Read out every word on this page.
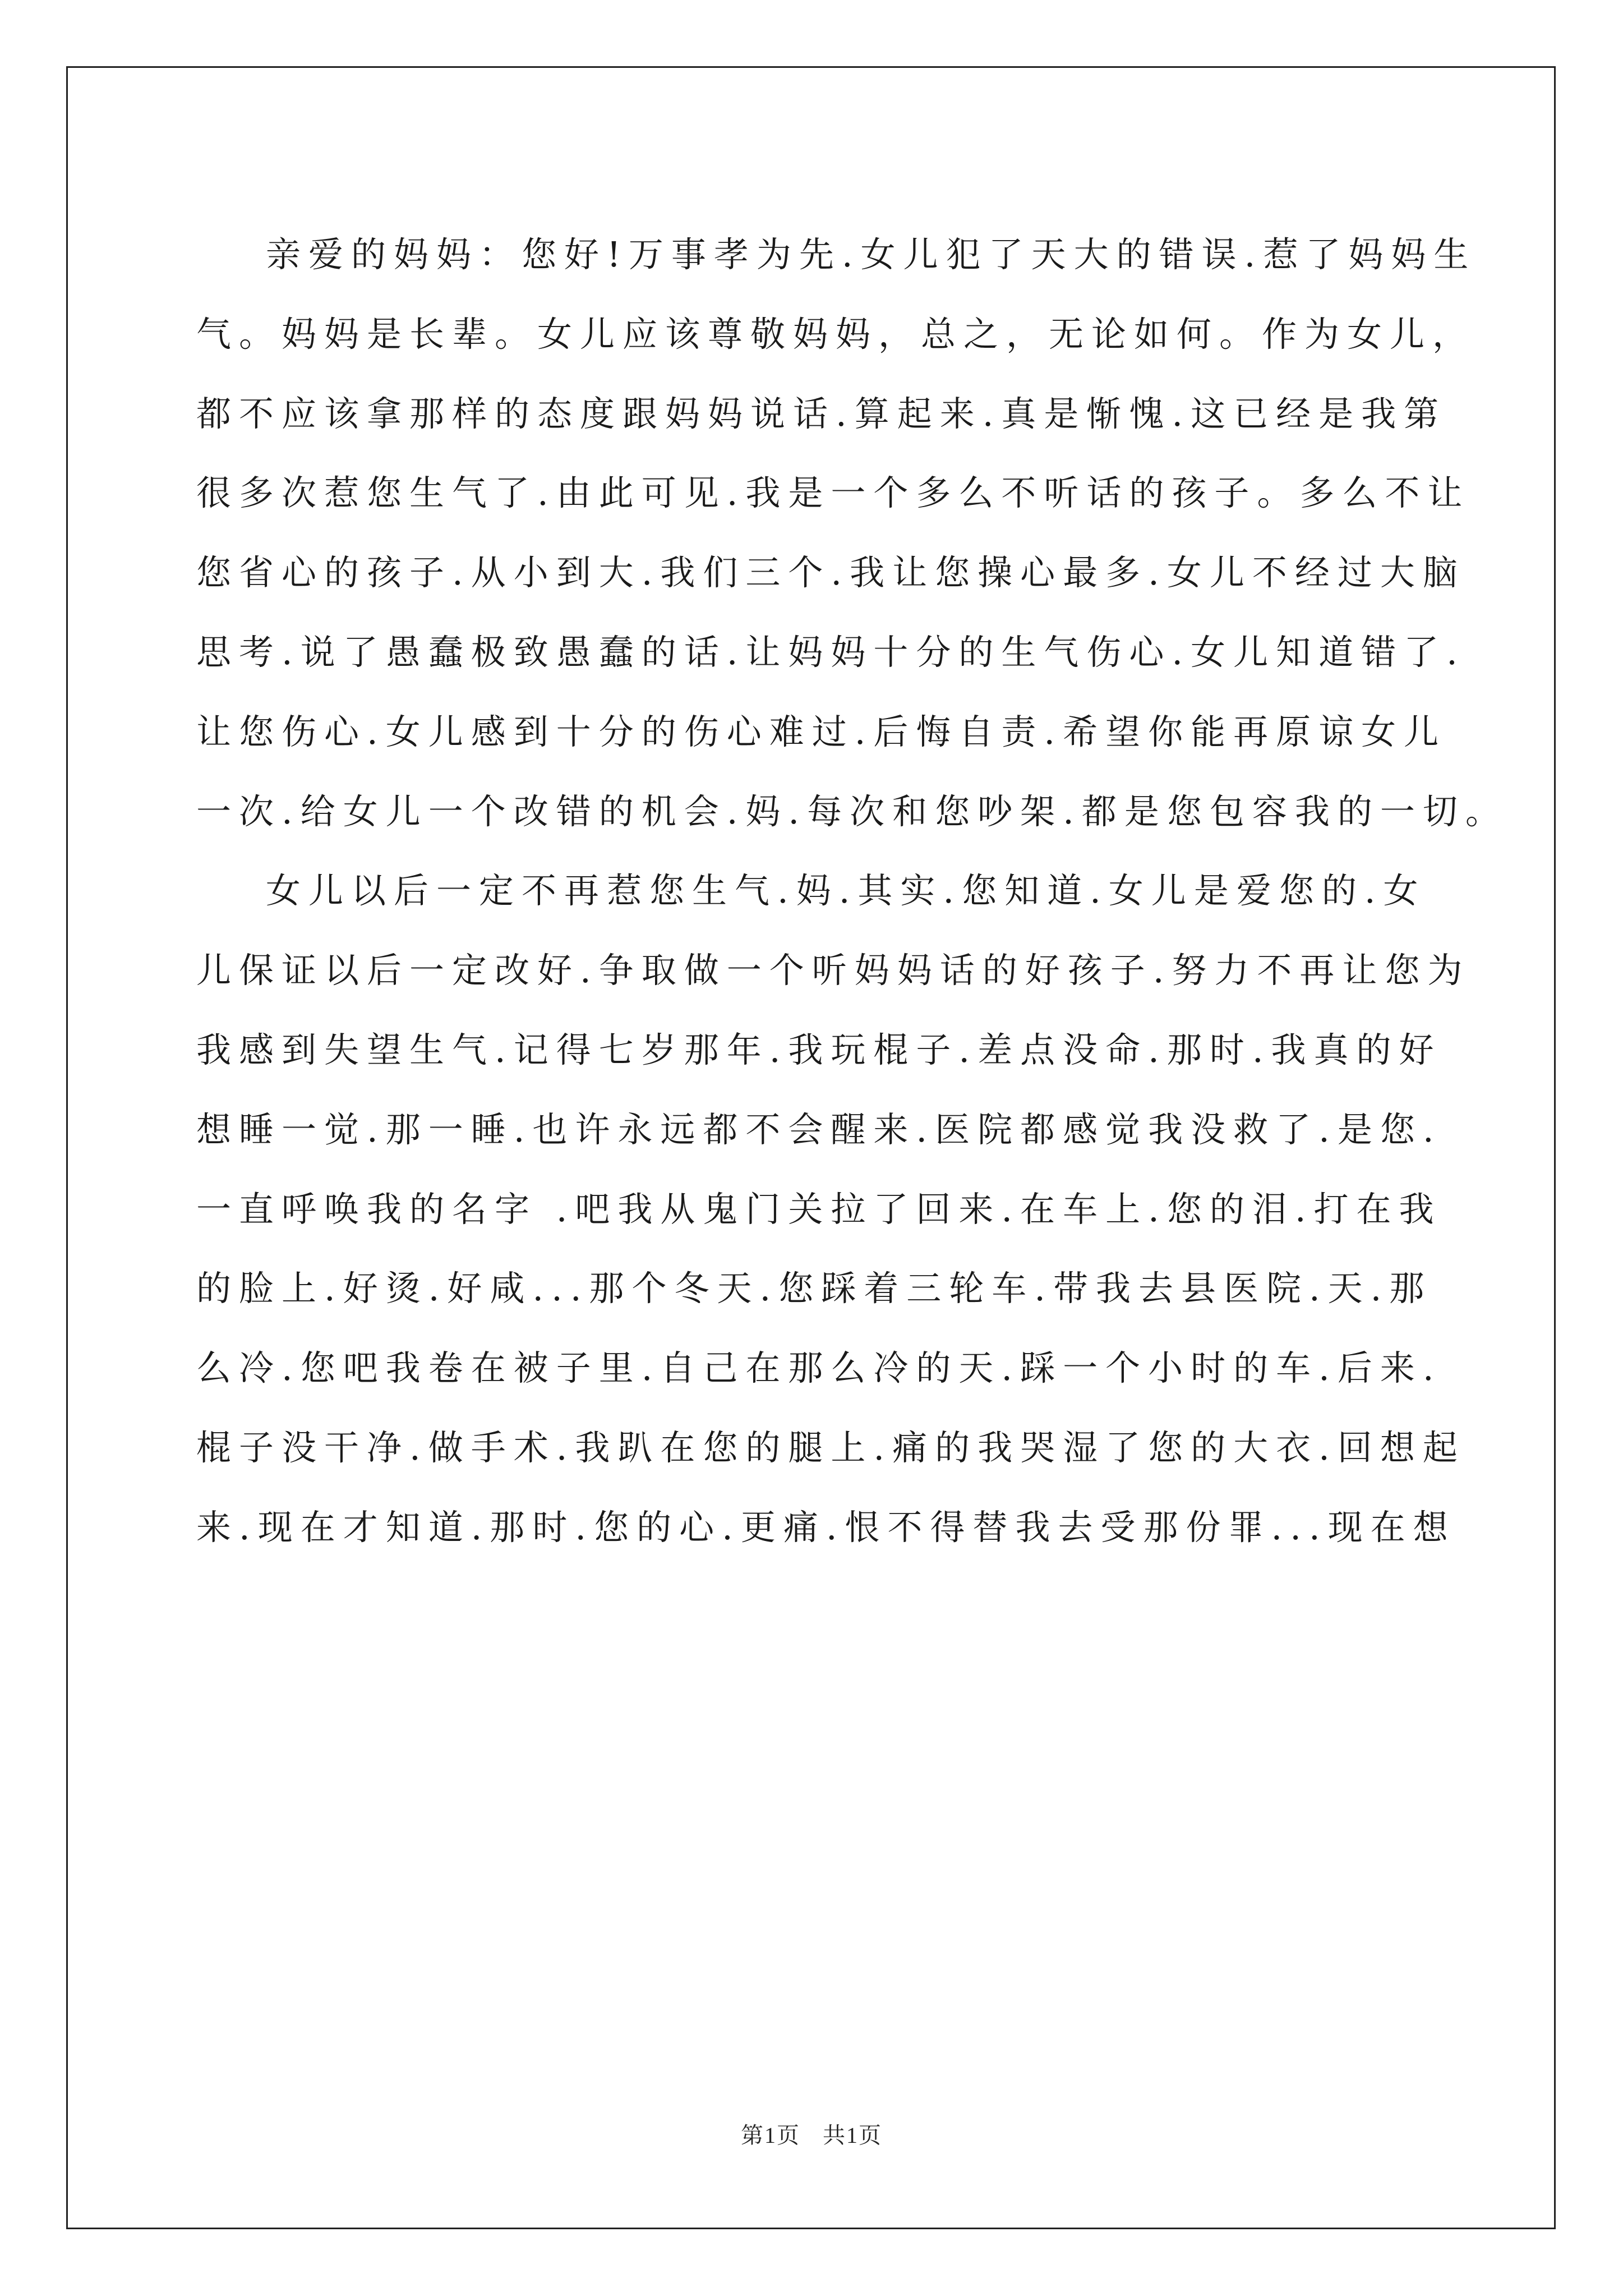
亲爱的妈妈：您好!万事孝为先.女儿犯了天大的错误.惹了妈妈生
气。妈妈是长辈。女儿应该尊敬妈妈，总之，无论如何。作为女儿，
都不应该拿那样的态度跟妈妈说话.算起来.真是惭愧.这已经是我第
很多次惹您生气了.由此可见.我是一个多么不听话的孩子。多么不让
您省心的孩子.从小到大.我们三个.我让您操心最多.女儿不经过大脑
思考.说了愚蠢极致愚蠢的话.让妈妈十分的生气伤心.女儿知道错了.
让您伤心.女儿感到十分的伤心难过.后悔自责.希望你能再原谅女儿
一次.给女儿一个改错的机会.妈.每次和您吵架.都是您包容我的一切。
女儿以后一定不再惹您生气.妈.其实.您知道.女儿是爱您的.女
儿保证以后一定改好.争取做一个听妈妈话的好孩子.努力不再让您为
我感到失望生气.记得七岁那年.我玩棍子.差点没命.那时.我真的好
想睡一觉.那一睡.也许永远都不会醒来.医院都感觉我没救了.是您.
一直呼唤我的名字 .吧我从鬼门关拉了回来.在车上.您的泪.打在我
的脸上.好烫.好咸...那个冬天.您踩着三轮车.带我去县医院.天.那
么冷.您吧我卷在被子里.自己在那么冷的天.踩一个小时的车.后来.
棍子没干净.做手术.我趴在您的腿上.痛的我哭湿了您的大衣.回想起
来.现在才知道.那时.您的心.更痛.恨不得替我去受那份罪...现在想
第1页 共1页
